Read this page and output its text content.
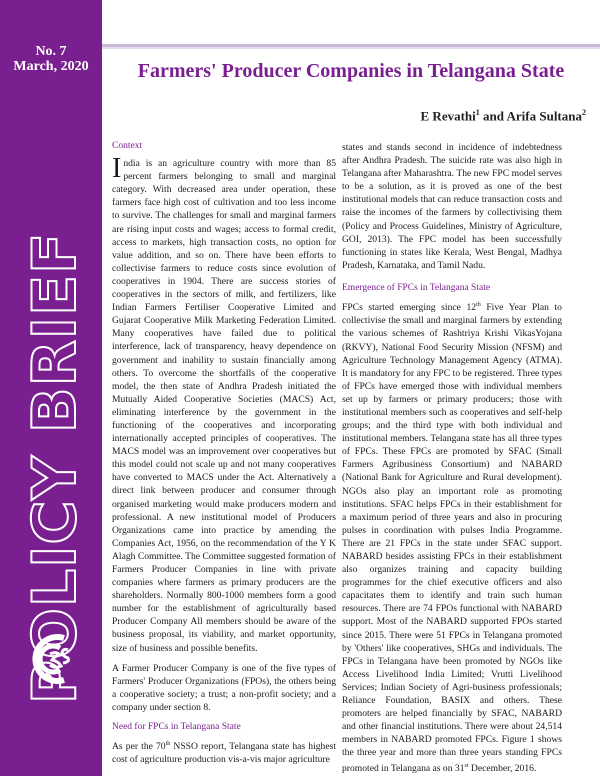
No. 7
March, 2020
POLICY BRIEF
Farmers' Producer Companies in Telangana State
E Revathi$^1$ and Arifa Sultana$^2$
Context

India is an agriculture country with more than 85 percent farmers belonging to small and marginal category. With decreased area under operation, these farmers face high cost of cultivation and too less income to survive. The challenges for small and marginal farmers are rising input costs and wages; access to formal credit, access to markets, high transaction costs, no option for value addition, and so on. There have been efforts to collectivise farmers to reduce costs since evolution of cooperatives in 1904. There are success stories of cooperatives in the sectors of milk, and fertilizers, like Indian Farmers Fertiliser Cooperative Limited and Gujarat Cooperative Milk Marketing Federation Limited. Many cooperatives have failed due to political interference, lack of transparency, heavy dependence on government and inability to sustain financially among others. To overcome the shortfalls of the cooperative model, the then state of Andhra Pradesh initiated the Mutually Aided Cooperative Societies (MACS) Act, eliminating interference by the government in the functioning of the cooperatives and incorporating internationally accepted principles of cooperatives. The MACS model was an improvement over cooperatives but this model could not scale up and not many cooperatives have converted to MACS under the Act. Alternatively a direct link between producer and consumer through organised marketing would make producers modern and professional. A new institutional model of Producers Organizations came into practice by amending the Companies Act, 1956, on the recommendation of the Y K Alagh Committee. The Committee suggested formation of Farmers Producer Companies in line with private companies where farmers as primary producers are the shareholders. Normally 800-1000 members form a good number for the establishment of agriculturally based Producer Company All members should be aware of the business proposal, its viability, and market opportunity, size of business and possible benefits.

A Farmer Producer Company is one of the five types of Farmers' Producer Organizations (FPOs), the others being a cooperative society; a trust; a non-profit society; and a company under section 8.

Need for FPCs in Telangana State

As per the 70th NSSO report, Telangana state has highest cost of agriculture production vis-a-vis major agriculture

states and stands second in incidence of indebtedness after Andhra Pradesh. The suicide rate was also high in Telangana after Maharashtra. The new FPC model serves to be a solution, as it is proved as one of the best institutional models that can reduce transaction costs and raise the incomes of the farmers by collectivising them (Policy and Process Guidelines, Ministry of Agriculture, GOI, 2013). The FPC model has been successfully functioning in states like Kerala, West Bengal, Madhya Pradesh, Karnataka, and Tamil Nadu.

Emergence of FPCs in Telangana State

FPCs started emerging since 12th Five Year Plan to collectivise the small and marginal farmers by extending the various schemes of Rashtriya Krishi VikasYojana (RKVY), National Food Security Mission (NFSM) and Agriculture Technology Management Agency (ATMA). It is mandatory for any FPC to be registered. Three types of FPCs have emerged those with individual members set up by farmers or primary producers; those with institutional members such as cooperatives and self-help groups; and the third type with both individual and institutional members. Telangana state has all three types of FPCs. These FPCs are promoted by SFAC (Small Farmers Agribusiness Consortium) and NABARD (National Bank for Agriculture and Rural development). NGOs also play an important role as promoting institutions. SFAC helps FPCs in their establishment for a maximum period of three years and also in procuring pulses in coordination with pulses India Programme. There are 21 FPCs in the state under SFAC support. NABARD besides assisting FPCs in their establishment also organizes training and capacity building programmes for the chief executive officers and also capacitates them to identify and train such human resources. There are 74 FPOs functional with NABARD support. Most of the NABARD supported FPOs started since 2015. There were 51 FPCs in Telangana promoted by 'Others' like cooperatives, SHGs and individuals. The FPCs in Telangana have been promoted by NGOs like Access Livelihood India Limited; Vrutti Livelihood Services; Indian Society of Agri-business professionals; Reliance Foundation, BASIX and others. These promoters are helped financially by SFAC, NABARD and other financial institutions. There were about 24,514 members in NABARD promoted FPCs. Figure 1 shows the three year and more than three years standing FPCs promoted in Telangana as on 31st December, 2016.
